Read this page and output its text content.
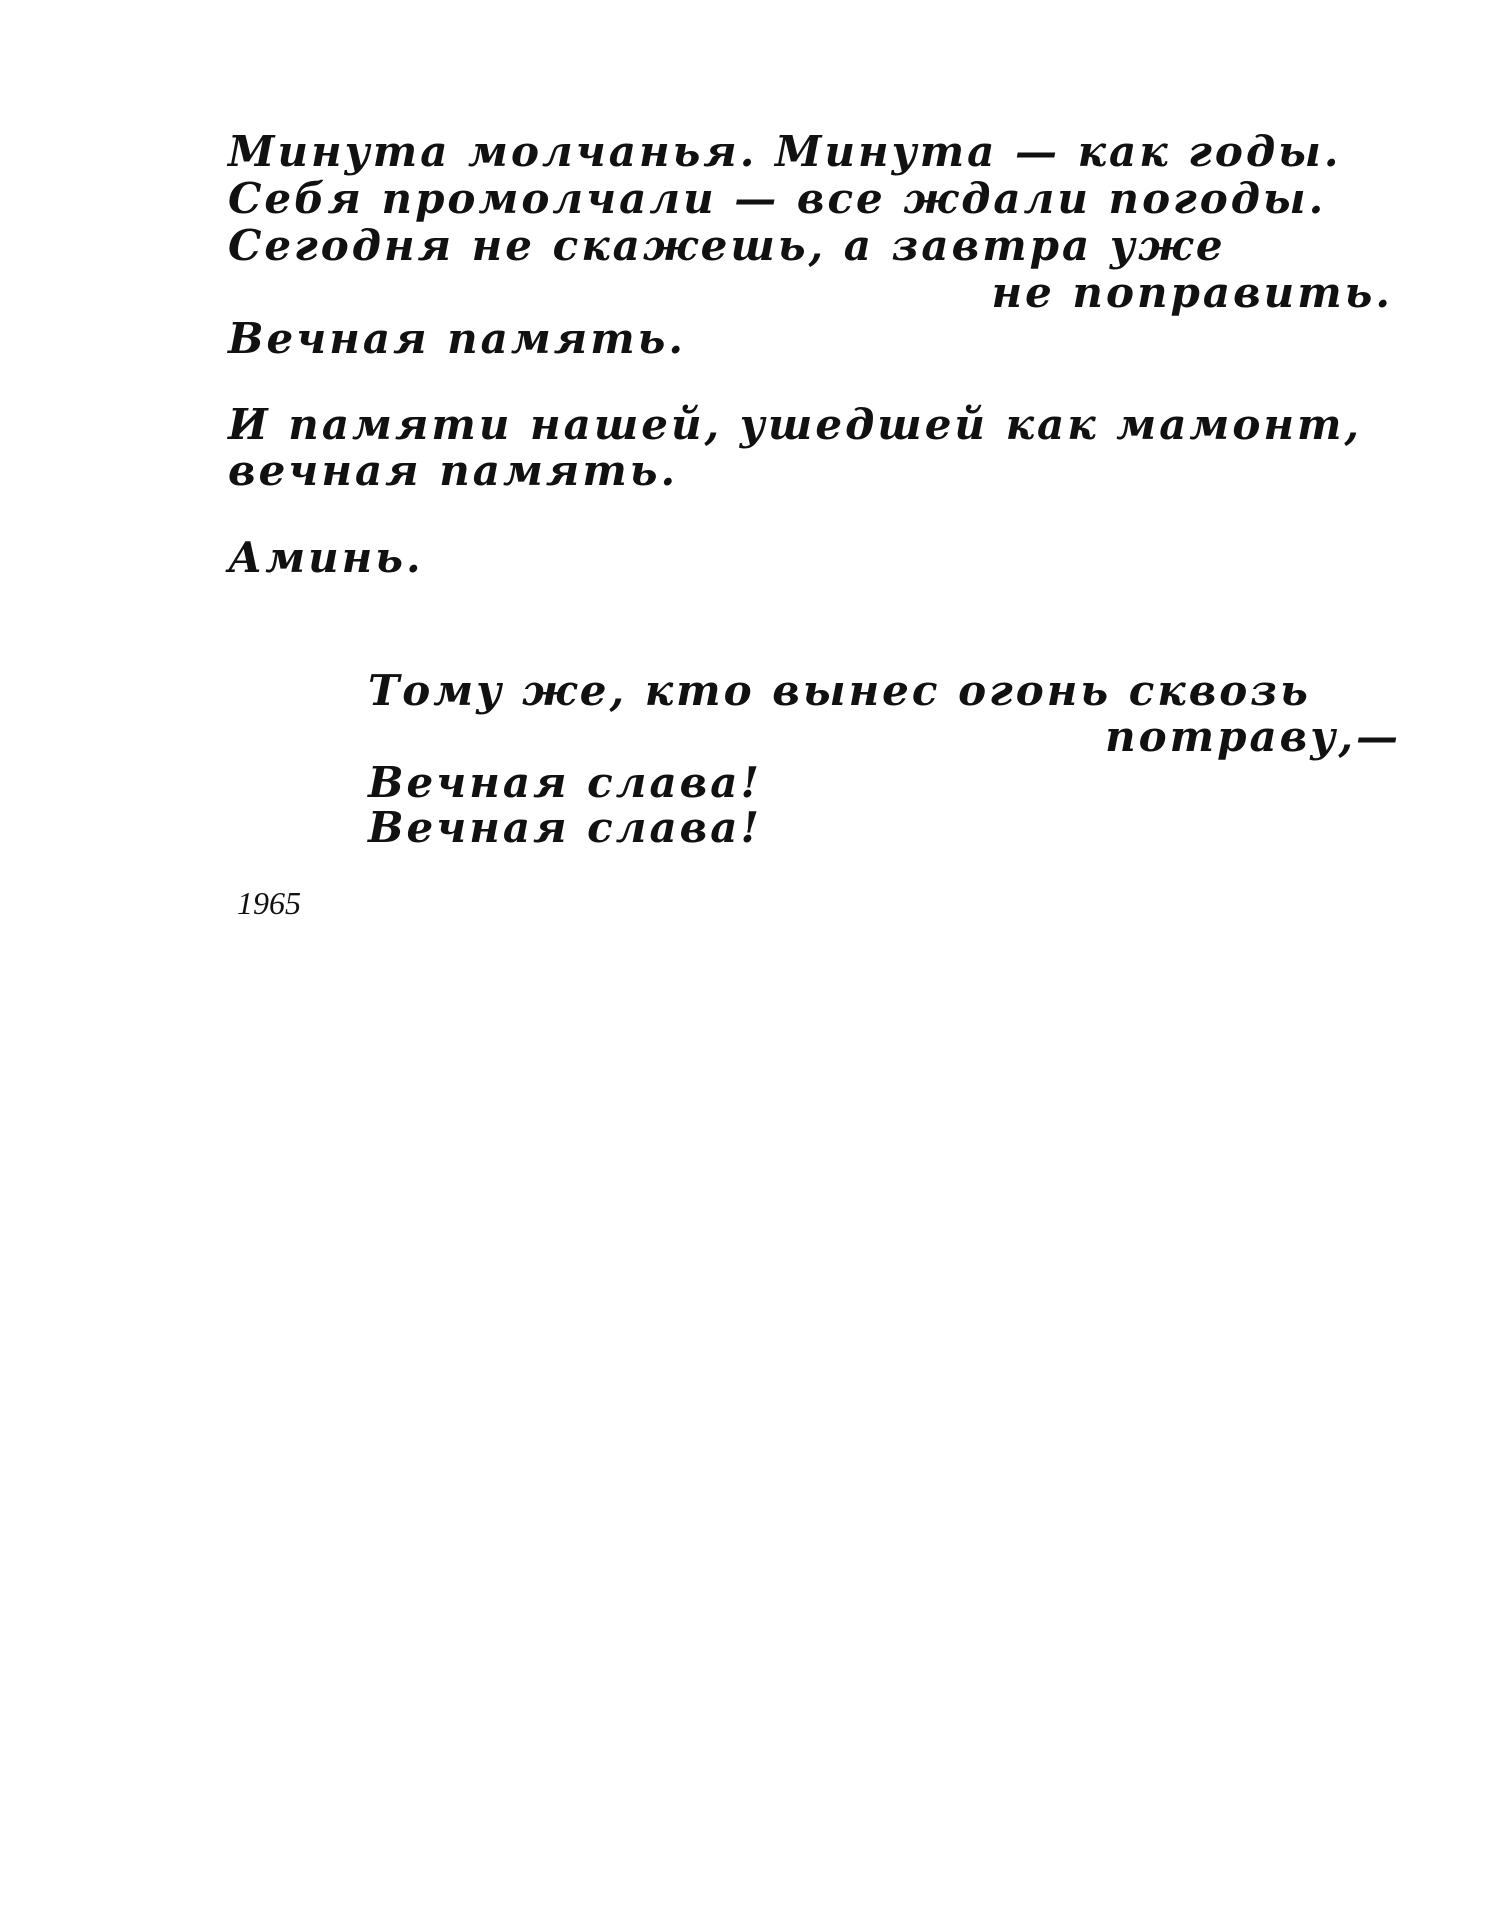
Минута молчанья. Минута — как годы.
Себя промолчали — все ждали погоды.
Сегодня не скажешь, а завтра уже
не поправить.
Вечная память.
И памяти нашей, ушедшей как мамонт,
вечная память.
Аминь.
Тому же, кто вынес огонь сквозь
потраву,—
Вечная слава!
Вечная слава!
1965
